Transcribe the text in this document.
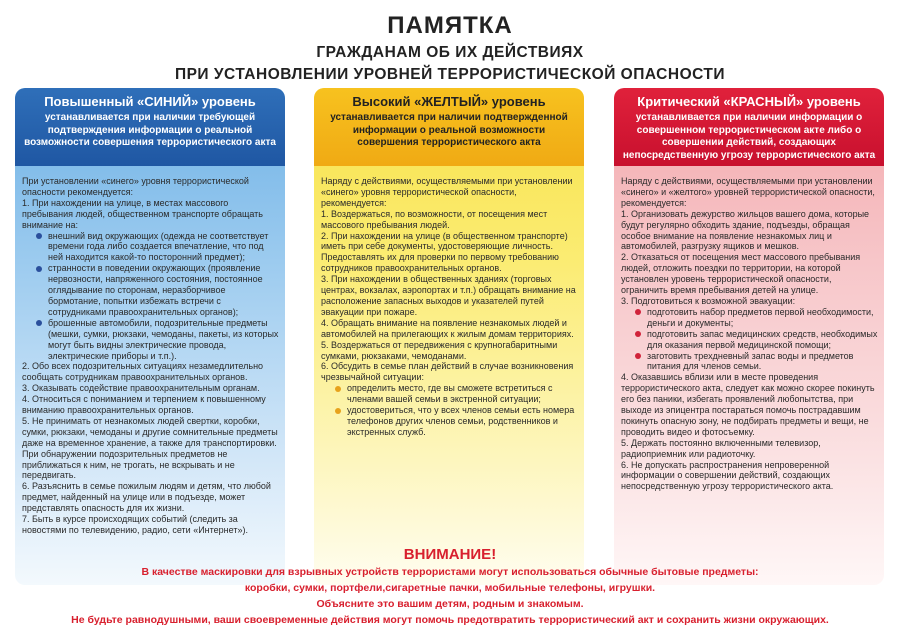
ПАМЯТКА
ГРАЖДАНАМ ОБ ИХ ДЕЙСТВИЯХ
ПРИ УСТАНОВЛЕНИИ УРОВНЕЙ ТЕРРОРИСТИЧЕСКОЙ ОПАСНОСТИ
Повышенный «СИНИЙ» уровень

устанавливается при наличии требующей подтверждения информации о реальной возможности совершения террористического акта

При установлении «синего» уровня террористической опасности рекомендуется:

1. При нахождении на улице, в местах массового пребывания людей, общественном транспорте обращать внимание на:

внешний вид окружающих (одежда не соответствует времени года либо создается впечатление, что под ней находится какой-то посторонний предмет);
странности в поведении окружающих (проявление нервозности, напряженного состояния, постоянное оглядывание по сторонам, неразборчивое бормотание, попытки избежать встречи с сотрудниками правоохранительных органов);
брошенные автомобили, подозрительные предметы (мешки, сумки, рюкзаки, чемоданы, пакеты, из которых могут быть видны электрические провода, электрические приборы и т.п.).

2. Обо всех подозрительных ситуациях незамедлительно сообщать сотрудникам правоохранительных органов.

3. Оказывать содействие правоохранительным органам.

4. Относиться с пониманием и терпением к повышенному вниманию правоохранительных органов.

5. Не принимать от незнакомых людей свертки, коробки, сумки, рюкзаки, чемоданы и другие сомнительные предметы даже на временное хранение, а также для транспортировки. При обнаружении подозрительных предметов не приближаться к ним, не трогать, не вскрывать и не передвигать.

6. Разъяснить в семье пожилым людям и детям, что любой предмет, найденный на улице или в подъезде, может представлять опасность для их жизни.

7. Быть в курсе происходящих событий (следить за новостями по телевидению, радио, сети «Интернет»).

Высокий «ЖЕЛТЫЙ» уровень

устанавливается при наличии подтвержденной информации о реальной возможности совершения террористического акта

Наряду с действиями, осуществляемыми при установлении «синего» уровня террористической опасности, рекомендуется:

1. Воздержаться, по возможности, от посещения мест массового пребывания людей.

2. При нахождении на улице (в общественном транспорте) иметь при себе документы, удостоверяющие личность. Предоставлять их для проверки по первому требованию сотрудников правоохранительных органов.

3. При нахождении в общественных зданиях (торговых центрах, вокзалах, аэропортах и т.п.) обращать внимание на расположение запасных выходов и указателей путей эвакуации при пожаре.

4. Обращать внимание на появление незнакомых людей и автомобилей на прилегающих к жилым домам территориях.

5. Воздержаться от передвижения с крупногабаритными сумками, рюкзаками, чемоданами.

6. Обсудить в семье план действий в случае возникновения чрезвычайной ситуации:

определить место, где вы сможете встретиться с членами вашей семьи в экстренной ситуации;
удостовериться, что у всех членов семьи есть номера телефонов других членов семьи, родственников и экстренных служб.
Критический «КРАСНЫЙ» уровень

устанавливается при наличии информации о совершенном террористическом акте либо о совершении действий, создающих непосредственную угрозу террористического акта

Наряду с действиями, осуществляемыми при установлении «синего» и «желтого» уровней террористической опасности, рекомендуется:

1. Организовать дежурство жильцов вашего дома, которые будут регулярно обходить здание, подъезды, обращая особое внимание на появление незнакомых лиц и автомобилей, разгрузку ящиков и мешков.

2. Отказаться от посещения мест массового пребывания людей, отложить поездки по территории, на которой установлен уровень террористической опасности, ограничить время пребывания детей на улице.

3. Подготовиться к возможной эвакуации:

подготовить набор предметов первой необходимости, деньги и документы;
подготовить запас медицинских средств, необходимых для оказания первой медицинской помощи;
заготовить трехдневный запас воды и предметов питания для членов семьи.

4. Оказавшись вблизи или в месте проведения террористического акта, следует как можно скорее покинуть его без паники, избегать проявлений любопытства, при выходе из эпицентра постараться помочь пострадавшим покинуть опасную зону, не подбирать предметы и вещи, не проводить видео и фотосъемку.

5. Держать постоянно включенными телевизор, радиоприемник или радиоточку.

6. Не допускать распространения непроверенной информации о совершении действий, создающих непосредственную угрозу террористического акта.

ВНИМАНИЕ!
В качестве маскировки для взрывных устройств террористами могут использоваться обычные бытовые предметы:
коробки, сумки, портфели,сигаретные пачки, мобильные телефоны, игрушки.
Объясните это вашим детям, родным и знакомым.
Не будьте равнодушными, ваши своевременные действия могут помочь предотвратить террористический акт и сохранить жизни окружающих.
